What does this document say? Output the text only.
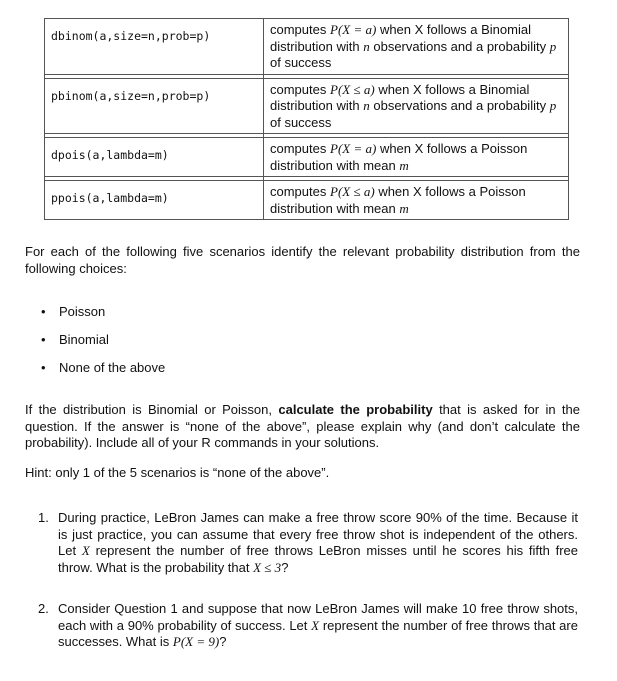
dbinom(a,size=n,prob=p)	computes P(X = a) when X follows a Binomial distribution with n observations and a probability p of success

pbinom(a,size=n,prob=p)	computes P(X ≤ a) when X follows a Binomial distribution with n observations and a probability p of success

dpois(a,lambda=m)	computes P(X = a) when X follows a Poisson distribution with mean m

ppois(a,lambda=m)	computes P(X ≤ a) when X follows a Poisson distribution with mean m

For each of the following five scenarios identify the relevant probability distribution from the following choices:

• Poisson
• Binomial
• None of the above

If the distribution is Binomial or Poisson, calculate the probability that is asked for in the question. If the answer is “none of the above”, please explain why (and don’t calculate the probability). Include all of your R commands in your solutions.

Hint: only 1 of the 5 scenarios is “none of the above”.

1. During practice, LeBron James can make a free throw score 90% of the time. Because it is just practice, you can assume that every free throw shot is independent of the others. Let X represent the number of free throws LeBron misses until he scores his fifth free throw. What is the probability that X ≤ 3?

2. Consider Question 1 and suppose that now LeBron James will make 10 free throw shots, each with a 90% probability of success. Let X represent the number of free throws that are successes. What is P(X = 9)?
